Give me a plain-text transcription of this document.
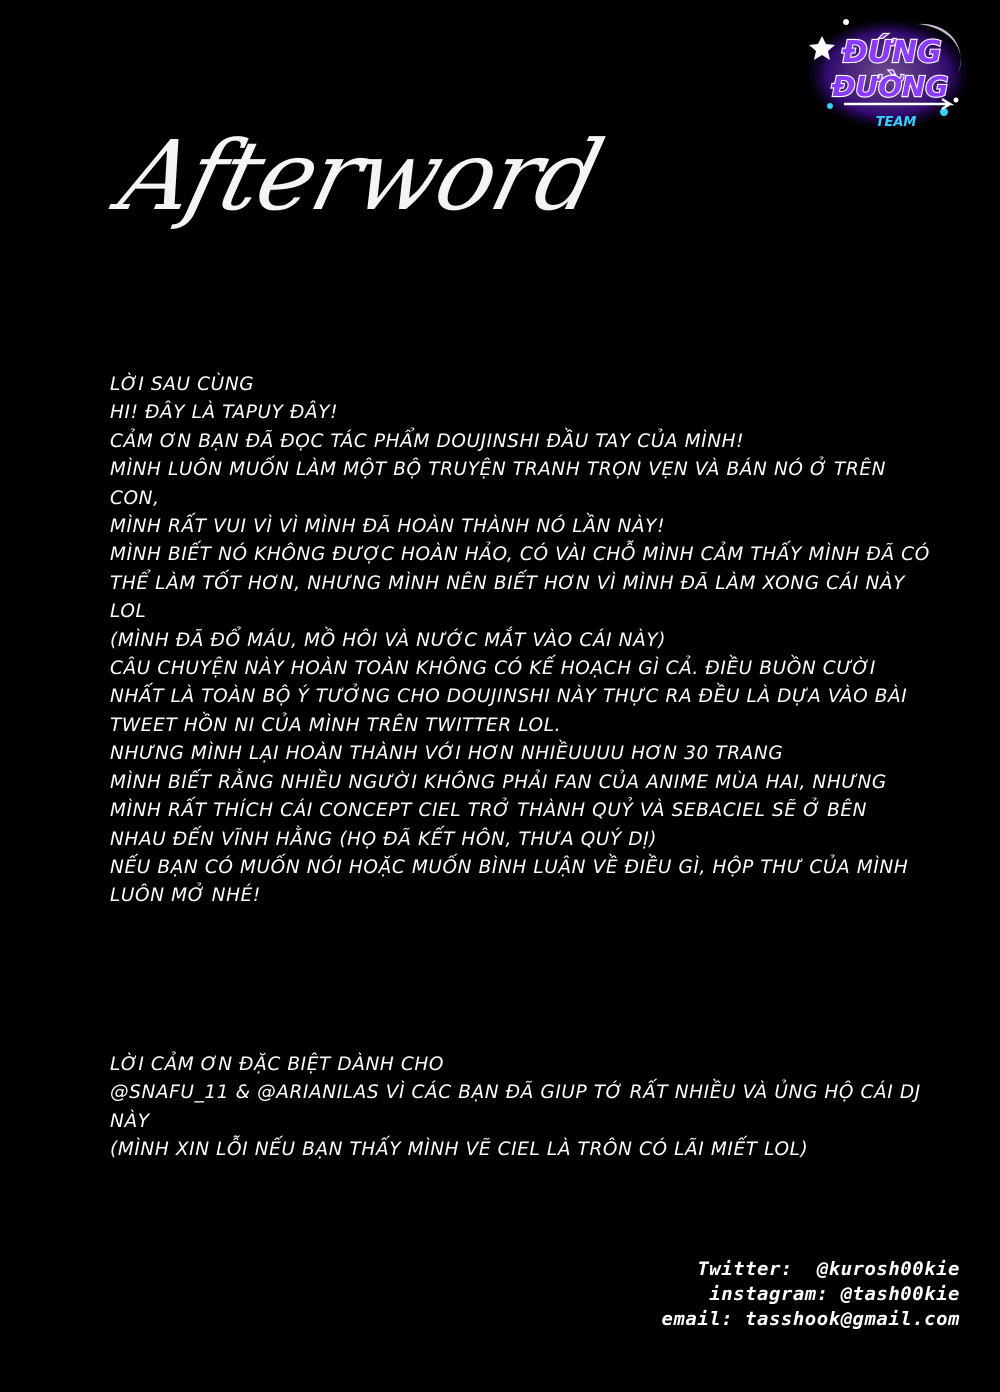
ĐỨNG
ĐƯỜNG
TEAM
Afterword
LỜI SAU CÙNG
HI! ĐÂY LÀ TAPUY ĐÂY!
CẢM ƠN BẠN ĐÃ ĐỌC TÁC PHẨM DOUJINSHI ĐẦU TAY CỦA MÌNH!
MÌNH LUÔN MUỐN LÀM MỘT BỘ TRUYỆN TRANH TRỌN VẸN VÀ BÁN NÓ Ở TRÊN
CON,
MÌNH RẤT VUI VÌ VÌ MÌNH ĐÃ HOÀN THÀNH NÓ LẦN NÀY!
MÌNH BIẾT NÓ KHÔNG ĐƯỢC HOÀN HẢO, CÓ VÀI CHỖ MÌNH CẢM THẤY MÌNH ĐÃ CÓ
THỂ LÀM TỐT HƠN, NHƯNG MÌNH NÊN BIẾT HƠN VÌ MÌNH ĐÃ LÀM XONG CÁI NÀY
LOL
(MÌNH ĐÃ ĐỔ MÁU, MỒ HÔI VÀ NƯỚC MẮT VÀO CÁI NÀY)
CÂU CHUYỆN NÀY HOÀN TOÀN KHÔNG CÓ KẾ HOẠCH GÌ CẢ. ĐIỀU BUỒN CƯỜI
NHẤT LÀ TOÀN BỘ Ý TƯỞNG CHO DOUJINSHI NÀY THỰC RA ĐỀU LÀ DỰA VÀO BÀI
TWEET HỒN NI CỦA MÌNH TRÊN TWITTER LOL.
NHƯNG MÌNH LẠI HOÀN THÀNH VỚI HƠN NHIỀUUUU HƠN 30 TRANG
MÌNH BIẾT RẰNG NHIỀU NGƯỜI KHÔNG PHẢI FAN CỦA ANIME MÙA HAI, NHƯNG
MÌNH RẤT THÍCH CÁI CONCEPT CIEL TRỞ THÀNH QUỶ VÀ SEBACIEL SẼ Ở BÊN
NHAU ĐẾN VĨNH HẰNG (HỌ ĐÃ KẾT HÔN, THƯA QUÝ DỊ)
NẾU BẠN CÓ MUỐN NÓI HOẶC MUỐN BÌNH LUẬN VỀ ĐIỀU GÌ, HỘP THƯ CỦA MÌNH
LUÔN MỞ NHÉ!
LỜI CẢM ƠN ĐẶC BIỆT DÀNH CHO
@SNAFU_11 & @ARIANILAS VÌ CÁC BẠN ĐÃ GIUP TỚ RẤT NHIỀU VÀ ỦNG HỘ CÁI DJ
NÀY
(MÌNH XIN LỖI NẾU BẠN THẤY MÌNH VẼ CIEL LÀ TRÔN CÓ LÃI MIẾT LOL)
Twitter:  @kurosh00kie
instagram: @tash00kie
email: tasshook@gmail.com
